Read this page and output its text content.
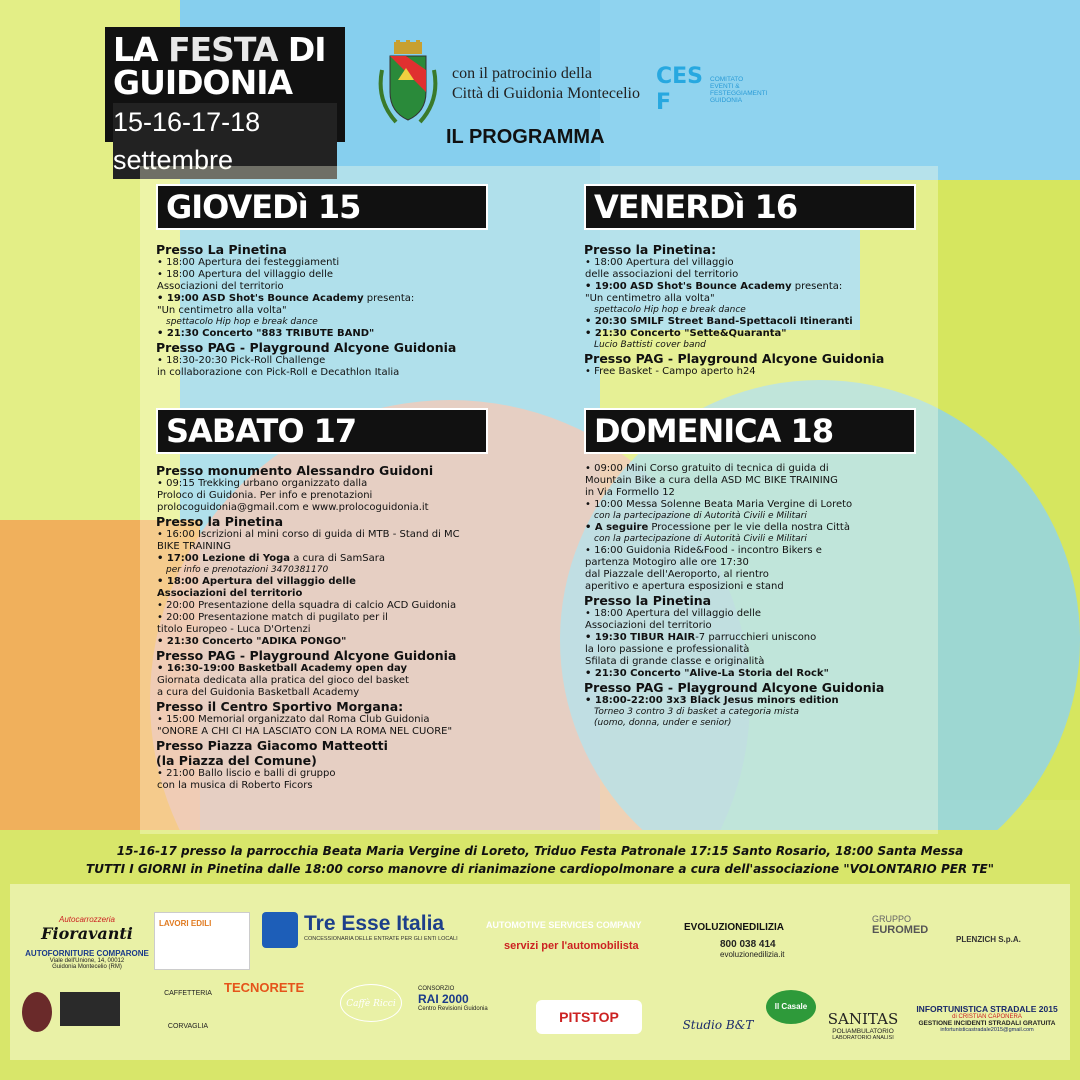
LA FESTA DI
GUIDONIA
15-16-17-18 settembre
con il patrocinio della
Città di Guidonia Montecelio
CESF
COMITATO
EVENTI &
FESTEGGIAMENTI
GUIDONIA
IL PROGRAMMA
GIOVEDì 15
Presso La Pinetina
• 18:00 Apertura dei festeggiamenti
• 18:00 Apertura del villaggio delle
Associazioni del territorio
• 19:00 ASD Shot's Bounce Academy presenta:
"Un centimetro alla volta"
spettacolo Hip hop e break dance
• 21:30 Concerto "883 TRIBUTE BAND"
Presso PAG - Playground Alcyone Guidonia
• 18:30-20:30 Pick-Roll Challenge
in collaborazione con Pick-Roll e Decathlon Italia
VENERDì 16
Presso la Pinetina:
• 18:00 Apertura del villaggio
delle associazioni del territorio
• 19:00 ASD Shot's Bounce Academy presenta:
"Un centimetro alla volta"
spettacolo Hip hop e break dance
• 20:30 SMILF Street Band-Spettacoli Itineranti
• 21:30 Concerto "Sette&Quaranta"
Lucio Battisti cover band
Presso PAG - Playground Alcyone Guidonia
• Free Basket - Campo aperto h24
SABATO 17
Presso monumento Alessandro Guidoni
• 09:15 Trekking urbano organizzato dalla
Proloco di Guidonia. Per info e prenotazioni
prolocoguidonia@gmail.com e www.prolocoguidonia.it
Presso la Pinetina
• 16:00 Iscrizioni al mini corso di guida di MTB - Stand di MC
BIKE TRAINING
• 17:00 Lezione di Yoga a cura di SamSara
per info e prenotazioni 3470381170
• 18:00 Apertura del villaggio delle
Associazioni del territorio
• 20:00 Presentazione della squadra di calcio ACD Guidonia
• 20:00 Presentazione match di pugilato per il
titolo Europeo - Luca D'Ortenzi
• 21:30 Concerto "ADIKA PONGO"
Presso PAG - Playground Alcyone Guidonia
• 16:30-19:00 Basketball Academy open day
Giornata dedicata alla pratica del gioco del basket
a cura del Guidonia Basketball Academy
Presso il Centro Sportivo Morgana:
• 15:00 Memorial organizzato dal Roma Club Guidonia
"ONORE A CHI CI HA LASCIATO CON LA ROMA NEL CUORE"
Presso Piazza Giacomo Matteotti
(la Piazza del Comune)
• 21:00 Ballo liscio e balli di gruppo
con la musica di Roberto Ficors
DOMENICA 18
• 09:00 Mini Corso gratuito di tecnica di guida di
Mountain Bike a cura della ASD MC BIKE TRAINING
in Via Formello 12
• 10:00 Messa Solenne Beata Maria Vergine di Loreto
con la partecipazione di Autorità Civili e Militari
• A seguire Processione per le vie della nostra Città
con la partecipazione di Autorità Civili e Militari
• 16:00 Guidonia Ride&Food - incontro Bikers e
partenza Motogiro alle ore 17:30
dal Piazzale dell'Aeroporto, al rientro
aperitivo e apertura esposizioni e stand
Presso la Pinetina
• 18:00 Apertura del villaggio delle
Associazioni del territorio
• 19:30 TIBUR HAIR-7 parrucchieri uniscono
la loro passione e professionalità
Sfilata di grande classe e originalità
• 21:30 Concerto "Alive-La Storia del Rock"
Presso PAG - Playground Alcyone Guidonia
• 18:00-22:00 3x3 Black Jesus minors edition
Torneo 3 contro 3 di basket a categoria mista
(uomo, donna, under e senior)
15-16-17 presso la parrocchia Beata Maria Vergine di Loreto, Triduo Festa Patronale 17:15 Santo Rosario, 18:00 Santa Messa
TUTTI I GIORNI in Pinetina dalle 18:00 corso manovre di rianimazione cardiopolmonare a cura dell'associazione "VOLONTARIO PER TE"
Autocarrozzeria
Fioravanti
AUTOFORNITURE COMPARONE
Viale dell'Unione, 14, 00012
Guidonia Montecelio (RM)
LAVORI EDILI	Tre Esse Italia
CONCESSIONARIA DELLE ENTRATE PER GLI ENTI LOCALI
AUTOMOTIVE SERVICES COMPANY
servizi per l'automobilista
EVOLUZIONEDILIZIA
800 038 414
evoluzionedilizia.it
GRUPPO
EUROMED
PLENZICH S.p.A.
CAFFETTERIA
CORVAGLIA
TECNORETE
Caffè Ricci
CONSORZIO
RAI 2000
Centro Revisioni Guidonia	PITSTOP	Studio B&T
Il Casale
SANITAS
POLIAMBULATORIO
LABORATORIO ANALISI
INFORTUNISTICA STRADALE 2015
di CRISTIAN CAPONERA
GESTIONE INCIDENTI STRADALI GRATUITA
infortunisticastradale2015@gmail.com
